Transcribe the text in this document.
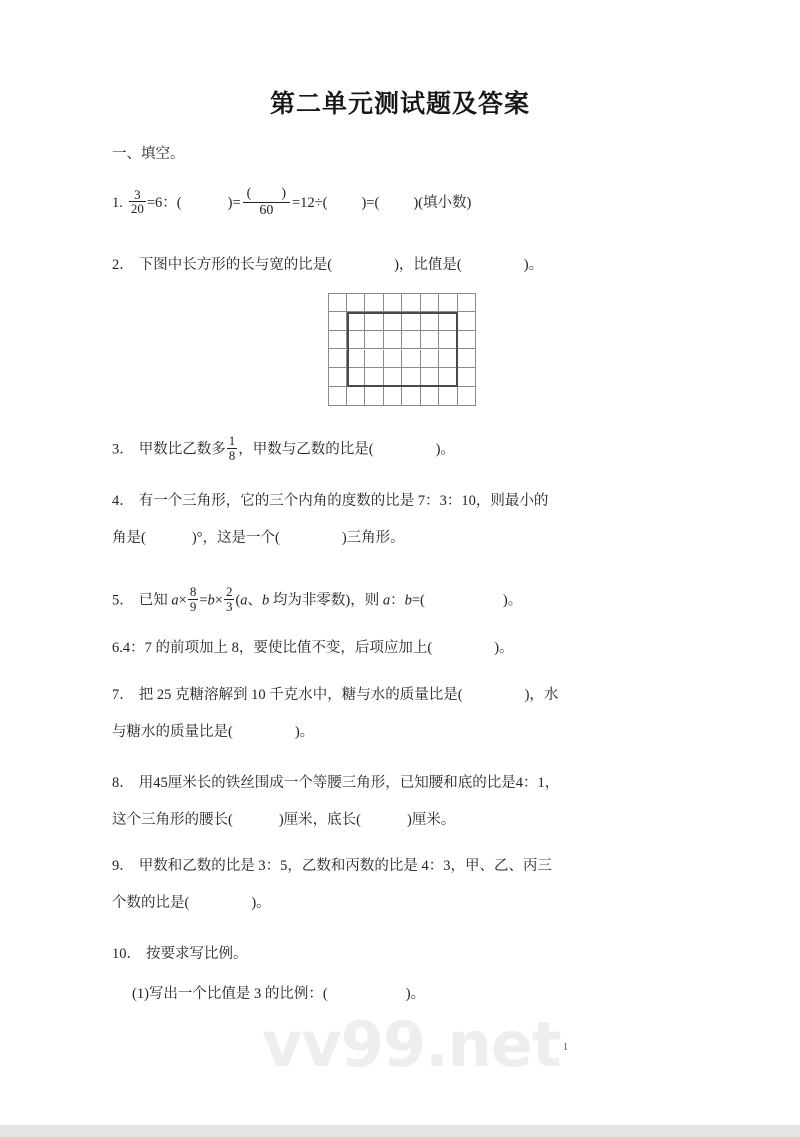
第二单元测试题及答案
一、填空。
1. $\frac{3}{20} =6$：(	)= $\frac{( )}{60} =12\div$( )=( )(填小数)
2． 下图中长方形的长与宽的比是(	)，比值是(	)。
3． 甲数比乙数多 $\frac{1}{8}$ ，甲数与乙数的比是(	)。
4． 有一个三角形，它的三个内角的度数的比是 7：3：10，则最小的
角是(	)°，这是一个(	)三角形。
5． 已知 $a\times \frac{8}{9} =b\times \frac{2}{3} (a$、b 均为非零数)，则 a：b=(	)。
6.4：7 的前项加上 8，要使比值不变，后项应加上(	)。
7． 把 25 克糖溶解到 10 千克水中，糖与水的质量比是(	)，水
与糖水的质量比是(	)。
8． 用45厘米长的铁丝围成一个等腰三角形，已知腰和底的比是4：1，
这个三角形的腰长(	)厘米，底长(	)厘米。
9． 甲数和乙数的比是 3：5，乙数和丙数的比是 4：3，甲、乙、丙三
个数的比是(	)。
10． 按要求写比例。
(1)写出一个比值是 3 的比例：(	)。
vv99.net 1
